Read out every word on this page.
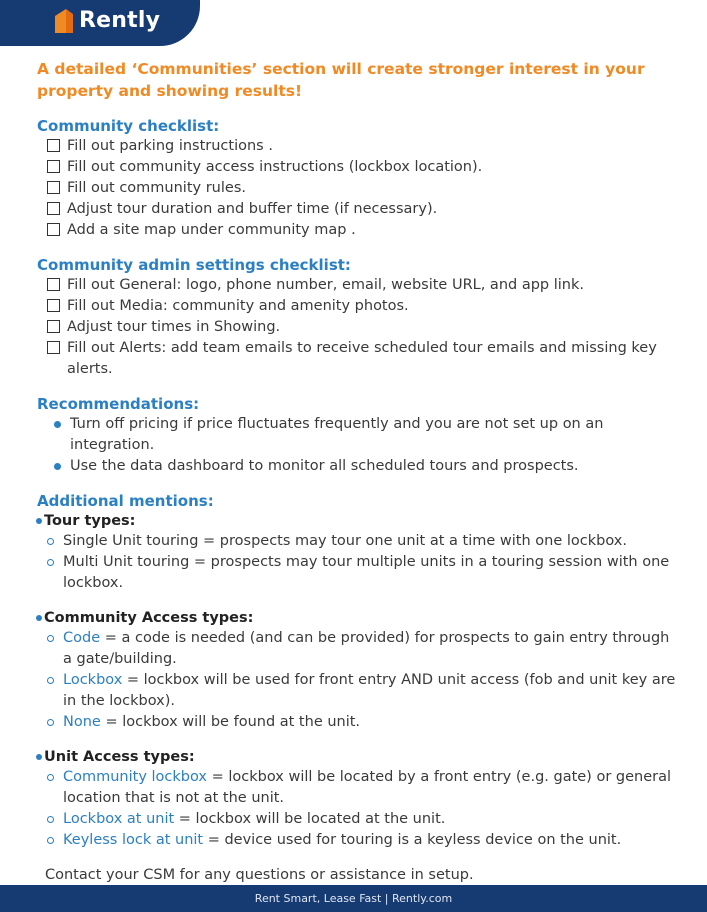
Rently

A detailed ‘Communities’ section will create stronger interest in your property and showing results!

Community checklist:

Fill out parking instructions .
Fill out community access instructions (lockbox location).
Fill out community rules.
Adjust tour duration and buffer time (if necessary).
Add a site map under community map .

Community admin settings checklist:

Fill out General: logo, phone number, email, website URL, and app link.
Fill out Media: community and amenity photos.
Adjust tour times in Showing.
Fill out Alerts: add team emails to receive scheduled tour emails and missing key alerts.

Recommendations:

Turn off pricing if price fluctuates frequently and you are not set up on an integration.
Use the data dashboard to monitor all scheduled tours and prospects.

Additional mentions:

Tour types:
Single Unit touring = prospects may tour one unit at a time with one lockbox.
Multi Unit touring = prospects may tour multiple units in a touring session with one lockbox.
Community Access types:
Code = a code is needed (and can be provided) for prospects to gain entry through a gate/building.
Lockbox = lockbox will be used for front entry AND unit access (fob and unit key are in the lockbox).
None = lockbox will be found at the unit.
Unit Access types:
Community lockbox = lockbox will be located by a front entry (e.g. gate) or general location that is not at the unit.
Lockbox at unit = lockbox will be located at the unit.
Keyless lock at unit = device used for touring is a keyless device on the unit.

Contact your CSM for any questions or assistance in setup.

Rent Smart, Lease Fast | Rently.com
